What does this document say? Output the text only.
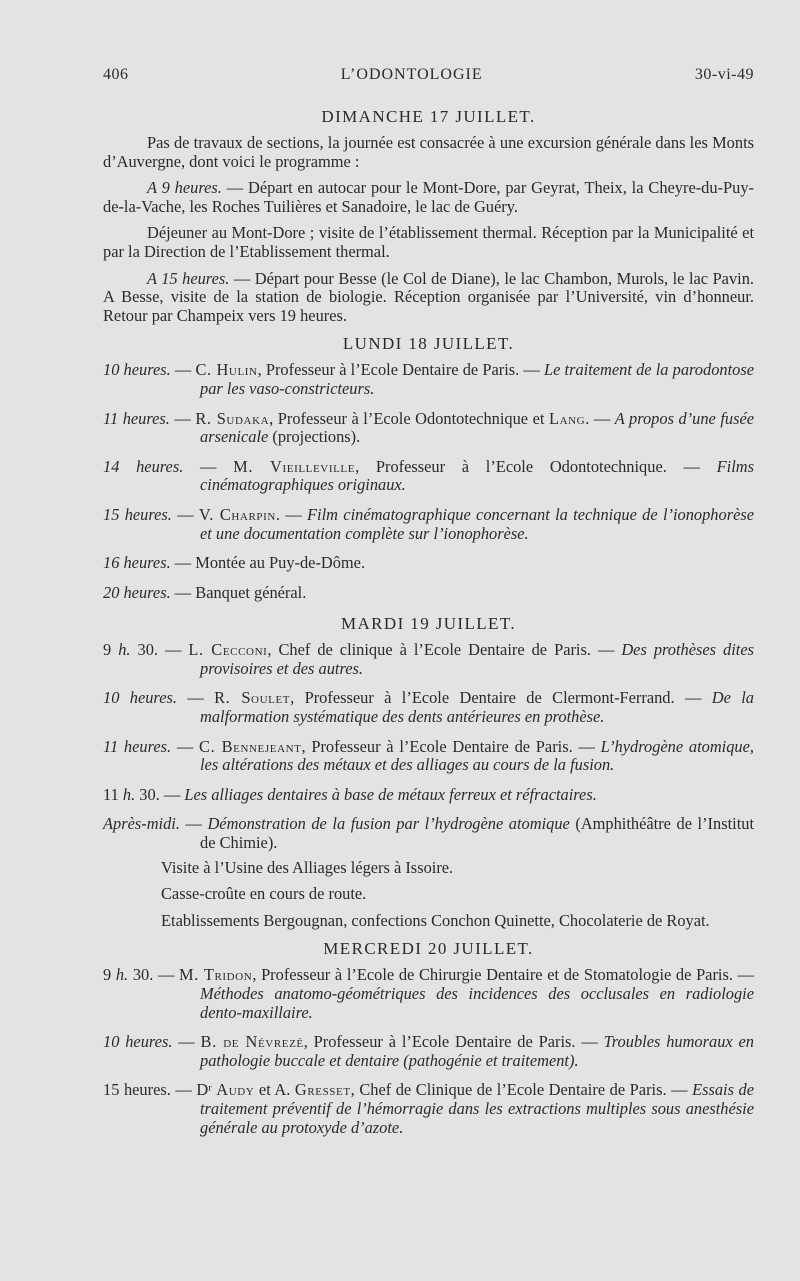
406	L’ODONTOLOGIE	30-vi-49
DIMANCHE 17 JUILLET.

Pas de travaux de sections, la journée est consacrée à une excursion générale dans les Monts d’Auvergne, dont voici le programme :

A 9 heures. — Départ en autocar pour le Mont-Dore, par Geyrat, Theix, la Cheyre-du-Puy-de-la-Vache, les Roches Tuilières et Sanadoire, le lac de Guéry.

Déjeuner au Mont-Dore ; visite de l’établissement thermal. Réception par la Municipalité et par la Direction de l’Etablissement thermal.

A 15 heures. — Départ pour Besse (le Col de Diane), le lac Chambon, Murols, le lac Pavin. A Besse, visite de la station de biologie. Réception organisée par l’Université, vin d’honneur. Retour par Champeix vers 19 heures.

LUNDI 18 JUILLET.

10 heures. — C. Hulin, Professeur à l’Ecole Dentaire de Paris. — Le traitement de la parodontose par les vaso-constricteurs.

11 heures. — R. Sudaka, Professeur à l’Ecole Odontotechnique et Lang. — A propos d’une fusée arsenicale (projections).

14 heures. — M. Vieilleville, Professeur à l’Ecole Odontotechnique. — Films cinématographiques originaux.

15 heures. — V. Charpin. — Film cinématographique concernant la technique de l’ionophorèse et une documentation complète sur l’ionophorèse.

16 heures. — Montée au Puy-de-Dôme.

20 heures. — Banquet général.

MARDI 19 JUILLET.

9 h. 30. — L. Cecconi, Chef de clinique à l’Ecole Dentaire de Paris. — Des prothèses dites provisoires et des autres.

10 heures. — R. Soulet, Professeur à l’Ecole Dentaire de Clermont-Ferrand. — De la malformation systématique des dents antérieures en prothèse.

11 heures. — C. Bennejeant, Professeur à l’Ecole Dentaire de Paris. — L’hydrogène atomique, les altérations des métaux et des alliages au cours de la fusion.

11 h. 30. — Les alliages dentaires à base de métaux ferreux et réfractaires.

Après-midi. — Démonstration de la fusion par l’hydrogène atomique (Amphithéâtre de l’Institut de Chimie).

Visite à l’Usine des Alliages légers à Issoire.

Casse-croûte en cours de route.

Etablissements Bergougnan, confections Conchon Quinette, Chocolaterie de Royat.

MERCREDI 20 JUILLET.

9 h. 30. — M. Tridon, Professeur à l’Ecole de Chirurgie Dentaire et de Stomatologie de Paris. — Méthodes anatomo-géométriques des incidences des occlusales en radiologie dento-maxillaire.

10 heures. — B. de Névrezé, Professeur à l’Ecole Dentaire de Paris. — Troubles humoraux en pathologie buccale et dentaire (pathogénie et traitement).

15 heures. — Dʳ Audy et A. Gresset, Chef de Clinique de l’Ecole Dentaire de Paris. — Essais de traitement préventif de l’hémorragie dans les extractions multiples sous anesthésie générale au protoxyde d’azote.
